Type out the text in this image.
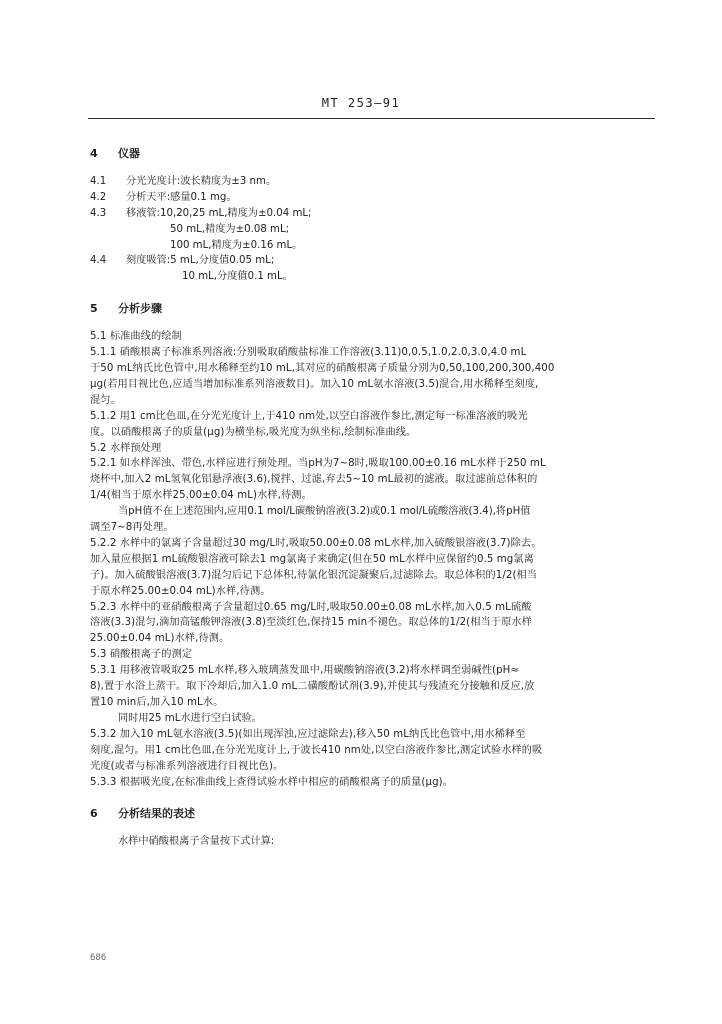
MT 253—91
4 仪器
4.1	分光光度计:波长精度为±3 nm。
4.2	分析天平:感量0.1 mg。
4.3	移液管:10,20,25 mL,精度为±0.04 mL;
50 mL,精度为±0.08 mL;
100 mL,精度为±0.16 mL。
4.4	刻度吸管:5 mL,分度值0.05 mL;
10 mL,分度值0.1 mL。
5 分析步骤
5.1 标准曲线的绘制
5.1.1 硝酸根离子标准系列溶液:分别吸取硝酸盐标准工作溶液(3.11)0,0.5,1.0,2.0,3.0,4.0 mL
于50 mL纳氏比色管中,用水稀释至约10 mL,其对应的硝酸根离子质量分别为0,50,100,200,300,400
μg(若用目视比色,应适当增加标准系列溶液数目)。加入10 mL氨水溶液(3.5)混合,用水稀释至刻度,
混匀。
5.1.2 用1 cm比色皿,在分光光度计上,于410 nm处,以空白溶液作参比,测定每一标准溶液的吸光
度。以硝酸根离子的质量(μg)为横坐标,吸光度为纵坐标,绘制标准曲线。
5.2 水样预处理
5.2.1 如水样浑浊、带色,水样应进行预处理。当pH为7~8时,吸取100.00±0.16 mL水样于250 mL
烧杯中,加入2 mL氢氧化铝悬浮液(3.6),搅拌、过滤,弃去5~10 mL最初的滤液。取过滤前总体积的
1/4(相当于原水样25.00±0.04 mL)水样,待测。
当pH值不在上述范围内,应用0.1 mol/L碳酸钠溶液(3.2)或0.1 mol/L硫酸溶液(3.4),将pH值
调至7~8再处理。
5.2.2 水样中的氯离子含量超过30 mg/L时,吸取50.00±0.08 mL水样,加入硫酸银溶液(3.7)除去。
加入量应根据1 mL硫酸银溶液可除去1 mg氯离子来确定(但在50 mL水样中应保留约0.5 mg氯离
子)。加入硫酸银溶液(3.7)混匀后记下总体积,待氯化银沉淀凝聚后,过滤除去。取总体积的1/2(相当
于原水样25.00±0.04 mL)水样,待测。
5.2.3 水样中的亚硝酸根离子含量超过0.65 mg/L时,吸取50.00±0.08 mL水样,加入0.5 mL硫酸
溶液(3.3)混匀,滴加高锰酸钾溶液(3.8)至淡红色,保持15 min不褪色。取总体的1/2(相当于原水样
25.00±0.04 mL)水样,待测。
5.3 硝酸根离子的测定
5.3.1 用移液管吸取25 mL水样,移入玻璃蒸发皿中,用碳酸钠溶液(3.2)将水样调至弱碱性(pH≈
8),置于水浴上蒸干。取下冷却后,加入1.0 mL二磺酸酚试剂(3.9),并使其与残渣充分接触和反应,放
置10 min后,加入10 mL水。
同时用25 mL水进行空白试验。
5.3.2 加入10 mL氨水溶液(3.5)(如出现浑浊,应过滤除去),移入50 mL纳氏比色管中,用水稀释至
刻度,混匀。用1 cm比色皿,在分光光度计上,于波长410 nm处,以空白溶液作参比,测定试验水样的吸
光度(或者与标准系列溶液进行目视比色)。
5.3.3 根据吸光度,在标准曲线上查得试验水样中相应的硝酸根离子的质量(μg)。
6 分析结果的表述
水样中硝酸根离子含量按下式计算:
686
